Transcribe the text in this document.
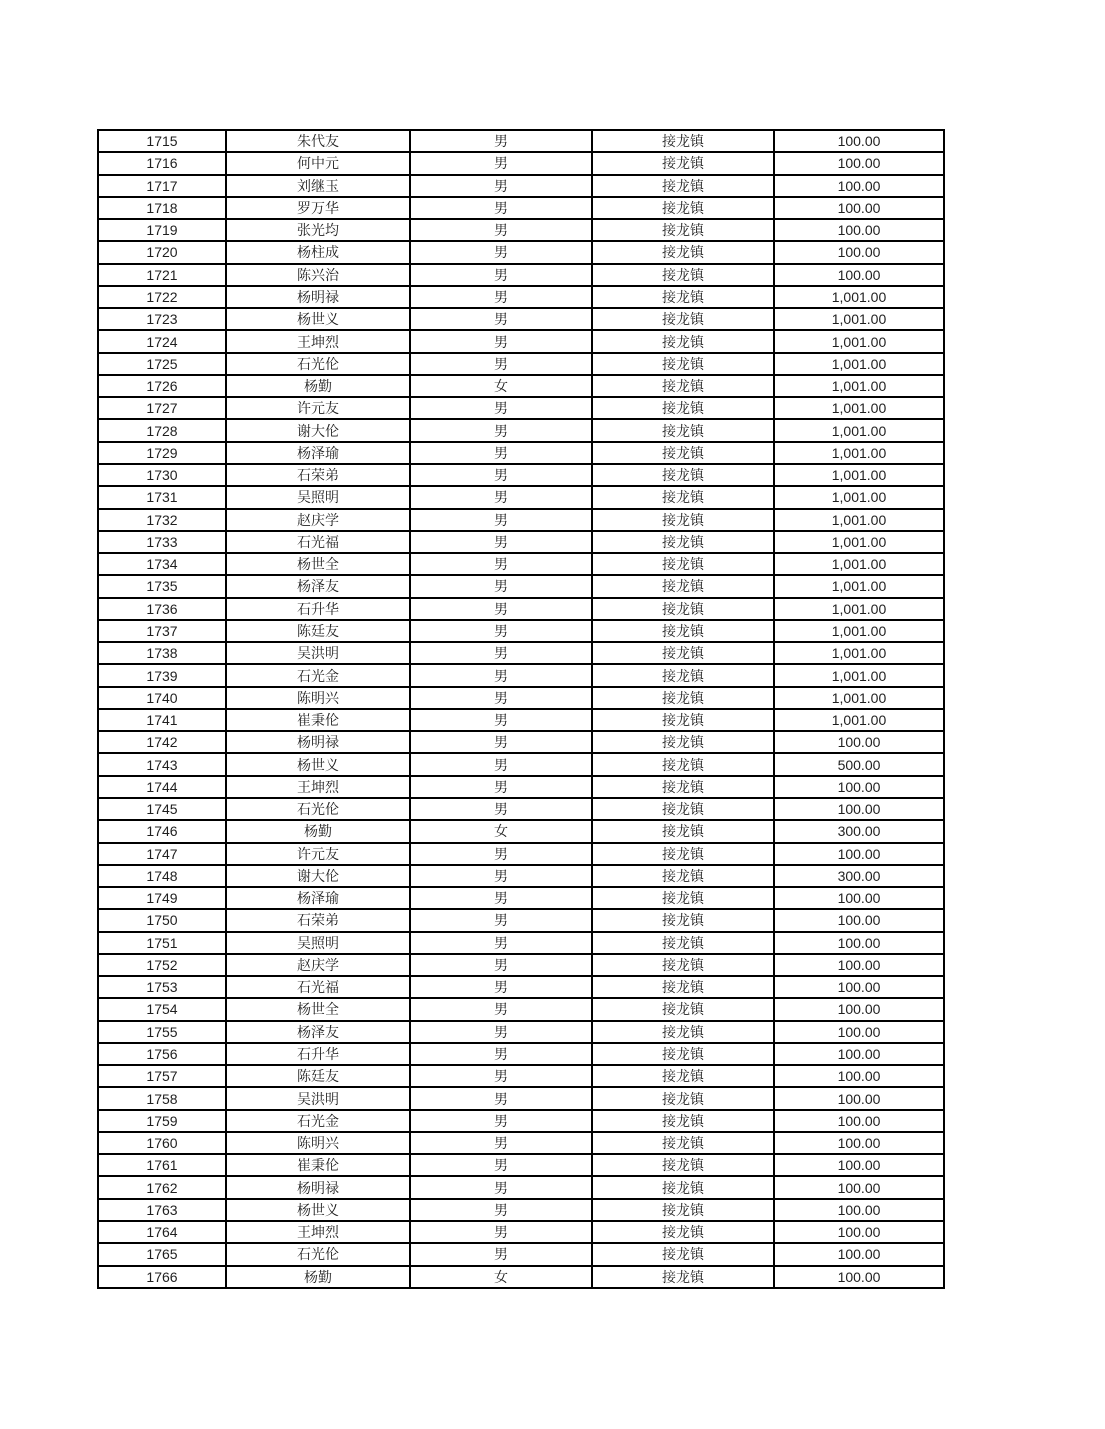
1715	朱代友	男	接龙镇	100.00
1716	何中元	男	接龙镇	100.00
1717	刘继玉	男	接龙镇	100.00
1718	罗万华	男	接龙镇	100.00
1719	张光均	男	接龙镇	100.00
1720	杨柱成	男	接龙镇	100.00
1721	陈兴治	男	接龙镇	100.00
1722	杨明禄	男	接龙镇	1,001.00
1723	杨世义	男	接龙镇	1,001.00
1724	王坤烈	男	接龙镇	1,001.00
1725	石光伦	男	接龙镇	1,001.00
1726	杨勤	女	接龙镇	1,001.00
1727	许元友	男	接龙镇	1,001.00
1728	谢大伦	男	接龙镇	1,001.00
1729	杨泽瑜	男	接龙镇	1,001.00
1730	石荣弟	男	接龙镇	1,001.00
1731	吴照明	男	接龙镇	1,001.00
1732	赵庆学	男	接龙镇	1,001.00
1733	石光福	男	接龙镇	1,001.00
1734	杨世全	男	接龙镇	1,001.00
1735	杨泽友	男	接龙镇	1,001.00
1736	石升华	男	接龙镇	1,001.00
1737	陈廷友	男	接龙镇	1,001.00
1738	吴洪明	男	接龙镇	1,001.00
1739	石光金	男	接龙镇	1,001.00
1740	陈明兴	男	接龙镇	1,001.00
1741	崔秉伦	男	接龙镇	1,001.00
1742	杨明禄	男	接龙镇	100.00
1743	杨世义	男	接龙镇	500.00
1744	王坤烈	男	接龙镇	100.00
1745	石光伦	男	接龙镇	100.00
1746	杨勤	女	接龙镇	300.00
1747	许元友	男	接龙镇	100.00
1748	谢大伦	男	接龙镇	300.00
1749	杨泽瑜	男	接龙镇	100.00
1750	石荣弟	男	接龙镇	100.00
1751	吴照明	男	接龙镇	100.00
1752	赵庆学	男	接龙镇	100.00
1753	石光福	男	接龙镇	100.00
1754	杨世全	男	接龙镇	100.00
1755	杨泽友	男	接龙镇	100.00
1756	石升华	男	接龙镇	100.00
1757	陈廷友	男	接龙镇	100.00
1758	吴洪明	男	接龙镇	100.00
1759	石光金	男	接龙镇	100.00
1760	陈明兴	男	接龙镇	100.00
1761	崔秉伦	男	接龙镇	100.00
1762	杨明禄	男	接龙镇	100.00
1763	杨世义	男	接龙镇	100.00
1764	王坤烈	男	接龙镇	100.00
1765	石光伦	男	接龙镇	100.00
1766	杨勤	女	接龙镇	100.00
